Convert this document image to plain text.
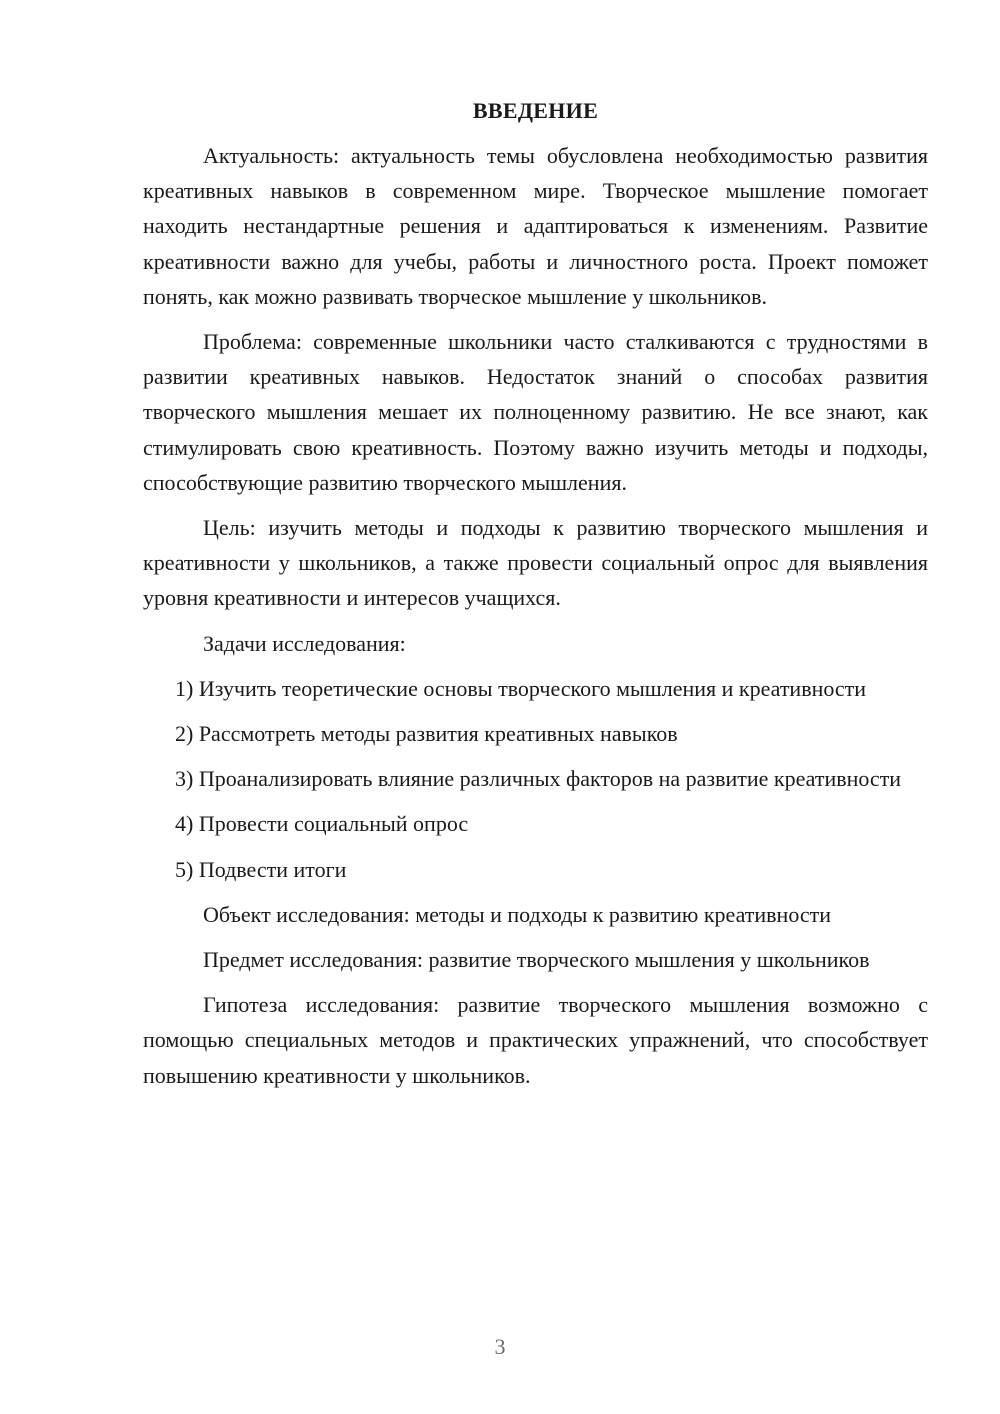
ВВЕДЕНИЕ

Актуальность: актуальность темы обусловлена необходимостью развития креативных навыков в современном мире. Творческое мышление помогает находить нестандартные решения и адаптироваться к изменениям. Развитие креативности важно для учебы, работы и личностного роста. Проект поможет понять, как можно развивать творческое мышление у школьников.

Проблема: современные школьники часто сталкиваются с трудностями в развитии креативных навыков. Недостаток знаний о способах развития творческого мышления мешает их полноценному развитию. Не все знают, как стимулировать свою креативность. Поэтому важно изучить методы и подходы, способствующие развитию творческого мышления.

Цель: изучить методы и подходы к развитию творческого мышления и креативности у школьников, а также провести социальный опрос для выявления уровня креативности и интересов учащихся.

Задачи исследования:

1) Изучить теоретические основы творческого мышления и креативности

2) Рассмотреть методы развития креативных навыков

3) Проанализировать влияние различных факторов на развитие креативности

4) Провести социальный опрос

5) Подвести итоги

Объект исследования: методы и подходы к развитию креативности

Предмет исследования: развитие творческого мышления у школьников

Гипотеза исследования: развитие творческого мышления возможно с помощью специальных методов и практических упражнений, что способствует повышению креативности у школьников.

3
